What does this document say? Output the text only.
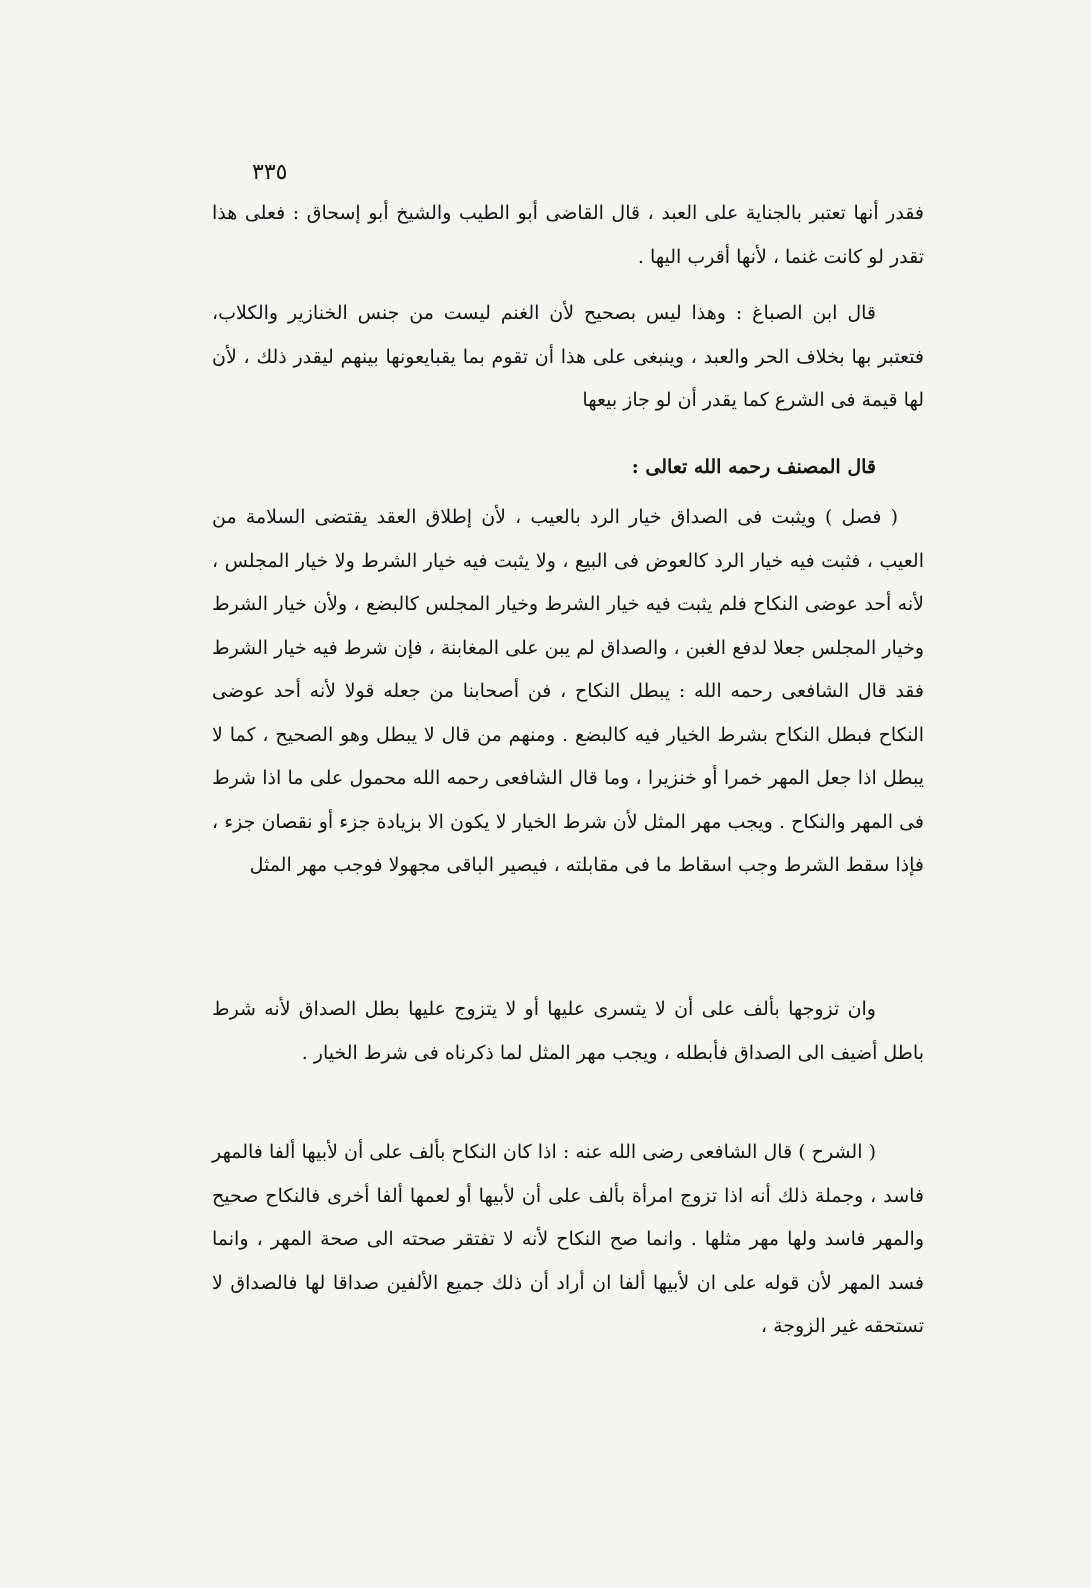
٣٣٥

فقدر أنها تعتبر بالجناية على العبد ، قال القاضى أبو الطيب والشيخ أبو إسحاق : فعلى هذا تقدر لو كانت غنما ، لأنها أقرب اليها .

قال ابن الصباغ : وهذا ليس بصحيح لأن الغنم ليست من جنس الخنازير والكلاب، فتعتبر بها بخلاف الحر والعبد ، وينبغى على هذا أن تقوم بما يقبايعونها بينهم ليقدر ذلك ، لأن لها قيمة فى الشرع كما يقدر أن لو جاز بيعها

قال المصنف رحمه الله تعالى :

( فصل ) ويثبت فى الصداق خيار الرد بالعيب ، لأن إطلاق العقد يقتضى السلامة من العيب ، فثبت فيه خيار الرد كالعوض فى البيع ، ولا يثبت فيه خيار الشرط ولا خيار المجلس ، لأنه أحد عوضى النكاح فلم يثبت فيه خيار الشرط وخيار المجلس كالبضع ، ولأن خيار الشرط وخيار المجلس جعلا لدفع الغبن ، والصداق لم يبن على المغابنة ، فإن شرط فيه خيار الشرط فقد قال الشافعى رحمه الله : يبطل النكاح ، فن أصحابنا من جعله قولا لأنه أحد عوضى النكاح فبطل النكاح بشرط الخيار فيه كالبضع . ومنهم من قال لا يبطل وهو الصحيح ، كما لا يبطل اذا جعل المهر خمرا أو خنزيرا ، وما قال الشافعى رحمه الله محمول على ما اذا شرط فى المهر والنكاح . ويجب مهر المثل لأن شرط الخيار لا يكون الا بزيادة جزء أو نقصان جزء ، فإذا سقط الشرط وجب اسقاط ما فى مقابلته ، فيصير الباقى مجهولا فوجب مهر المثل

وان تزوجها بألف على أن لا يتسرى عليها أو لا يتزوج عليها بطل الصداق لأنه شرط باطل أضيف الى الصداق فأبطله ، ويجب مهر المثل لما ذكرناه فى شرط الخيار .

( الشرح ) قال الشافعى رضى الله عنه : اذا كان النكاح بألف على أن لأبيها ألفا فالمهر فاسد ، وجملة ذلك أنه اذا تزوج امرأة بألف على أن لأبيها أو لعمها ألفا أخرى فالنكاح صحيح والمهر فاسد ولها مهر مثلها . وانما صح النكاح لأنه لا تفتقر صحته الى صحة المهر ، وانما فسد المهر لأن قوله على ان لأبيها ألفا ان أراد أن ذلك جميع الألفين صداقا لها فالصداق لا تستحقه غير الزوجة ،
